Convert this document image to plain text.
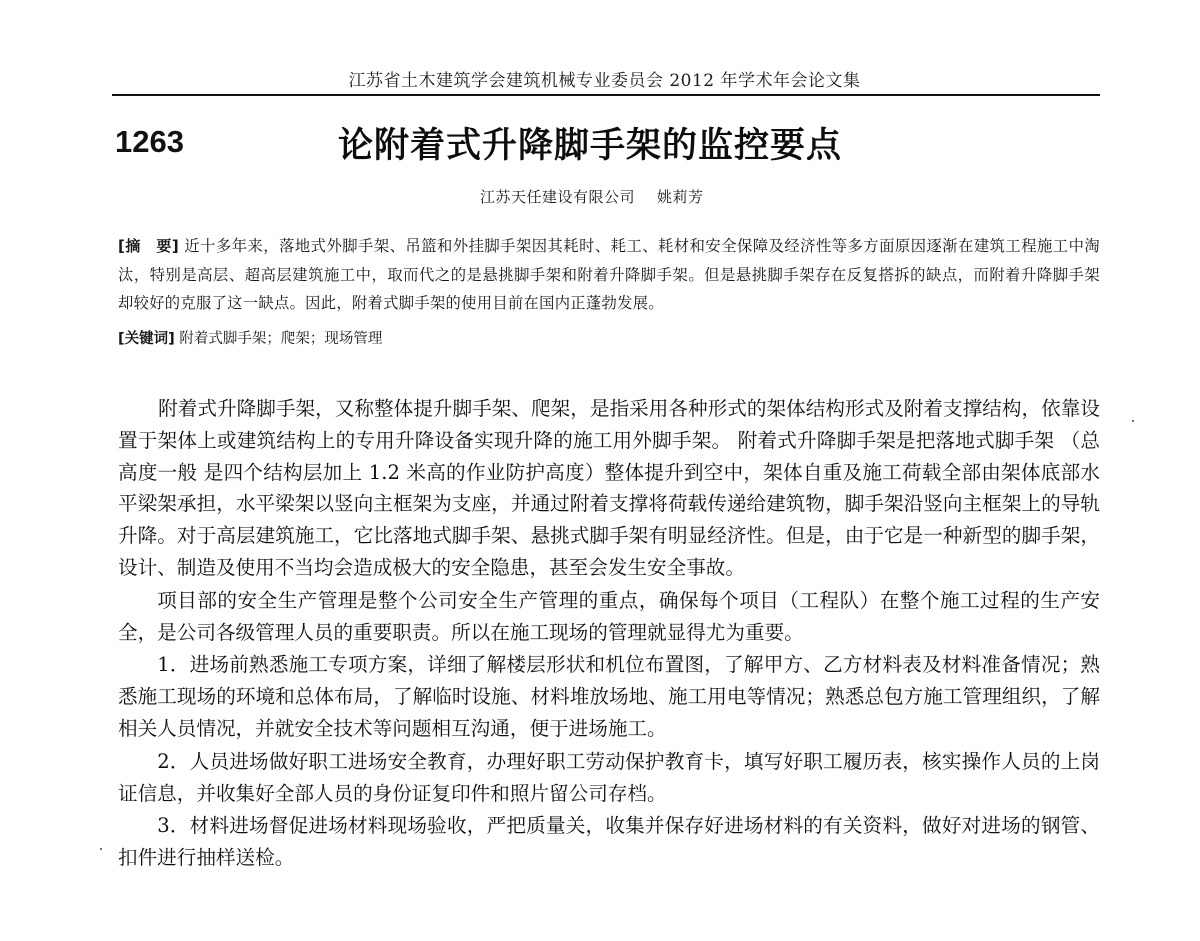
江苏省土木建筑学会建筑机械专业委员会 2012 年学术年会论文集
1263	论附着式升降脚手架的监控要点
江苏天任建设有限公司 姚莉芳
[摘　要] 近十多年来，落地式外脚手架、吊篮和外挂脚手架因其耗时、耗工、耗材和安全保障及经济性等多方面原因逐渐在建筑工程施工中淘汰，特别是高层、超高层建筑施工中，取而代之的是悬挑脚手架和附着升降脚手架。但是悬挑脚手架存在反复搭拆的缺点，而附着升降脚手架却较好的克服了这一缺点。因此，附着式脚手架的使用目前在国内正蓬勃发展。
[关键词] 附着式脚手架；爬架；现场管理

附着式升降脚手架，又称整体提升脚手架、爬架，是指采用各种形式的架体结构形式及附着支撑结构，依靠设置于架体上或建筑结构上的专用升降设备实现升降的施工用外脚手架。 附着式升降脚手架是把落地式脚手架 （总高度一般 是四个结构层加上 1.2 米高的作业防护高度）整体提升到空中，架体自重及施工荷载全部由架体底部水平梁架承担，水平梁架以竖向主框架为支座，并通过附着支撑将荷载传递给建筑物，脚手架沿竖向主框架上的导轨升降。对于高层建筑施工，它比落地式脚手架、悬挑式脚手架有明显经济性。但是，由于它是一种新型的脚手架，设计、制造及使用不当均会造成极大的安全隐患，甚至会发生安全事故。

项目部的安全生产管理是整个公司安全生产管理的重点，确保每个项目（工程队）在整个施工过程的生产安全，是公司各级管理人员的重要职责。所以在施工现场的管理就显得尤为重要。

1．进场前熟悉施工专项方案，详细了解楼层形状和机位布置图，了解甲方、乙方材料表及材料准备情况；熟悉施工现场的环境和总体布局，了解临时设施、材料堆放场地、施工用电等情况；熟悉总包方施工管理组织，了解相关人员情况，并就安全技术等问题相互沟通，便于进场施工。

2．人员进场做好职工进场安全教育，办理好职工劳动保护教育卡，填写好职工履历表，核实操作人员的上岗证信息，并收集好全部人员的身份证复印件和照片留公司存档。

3．材料进场督促进场材料现场验收，严把质量关，收集并保存好进场材料的有关资料，做好对进场的钢管、扣件进行抽样送检。
